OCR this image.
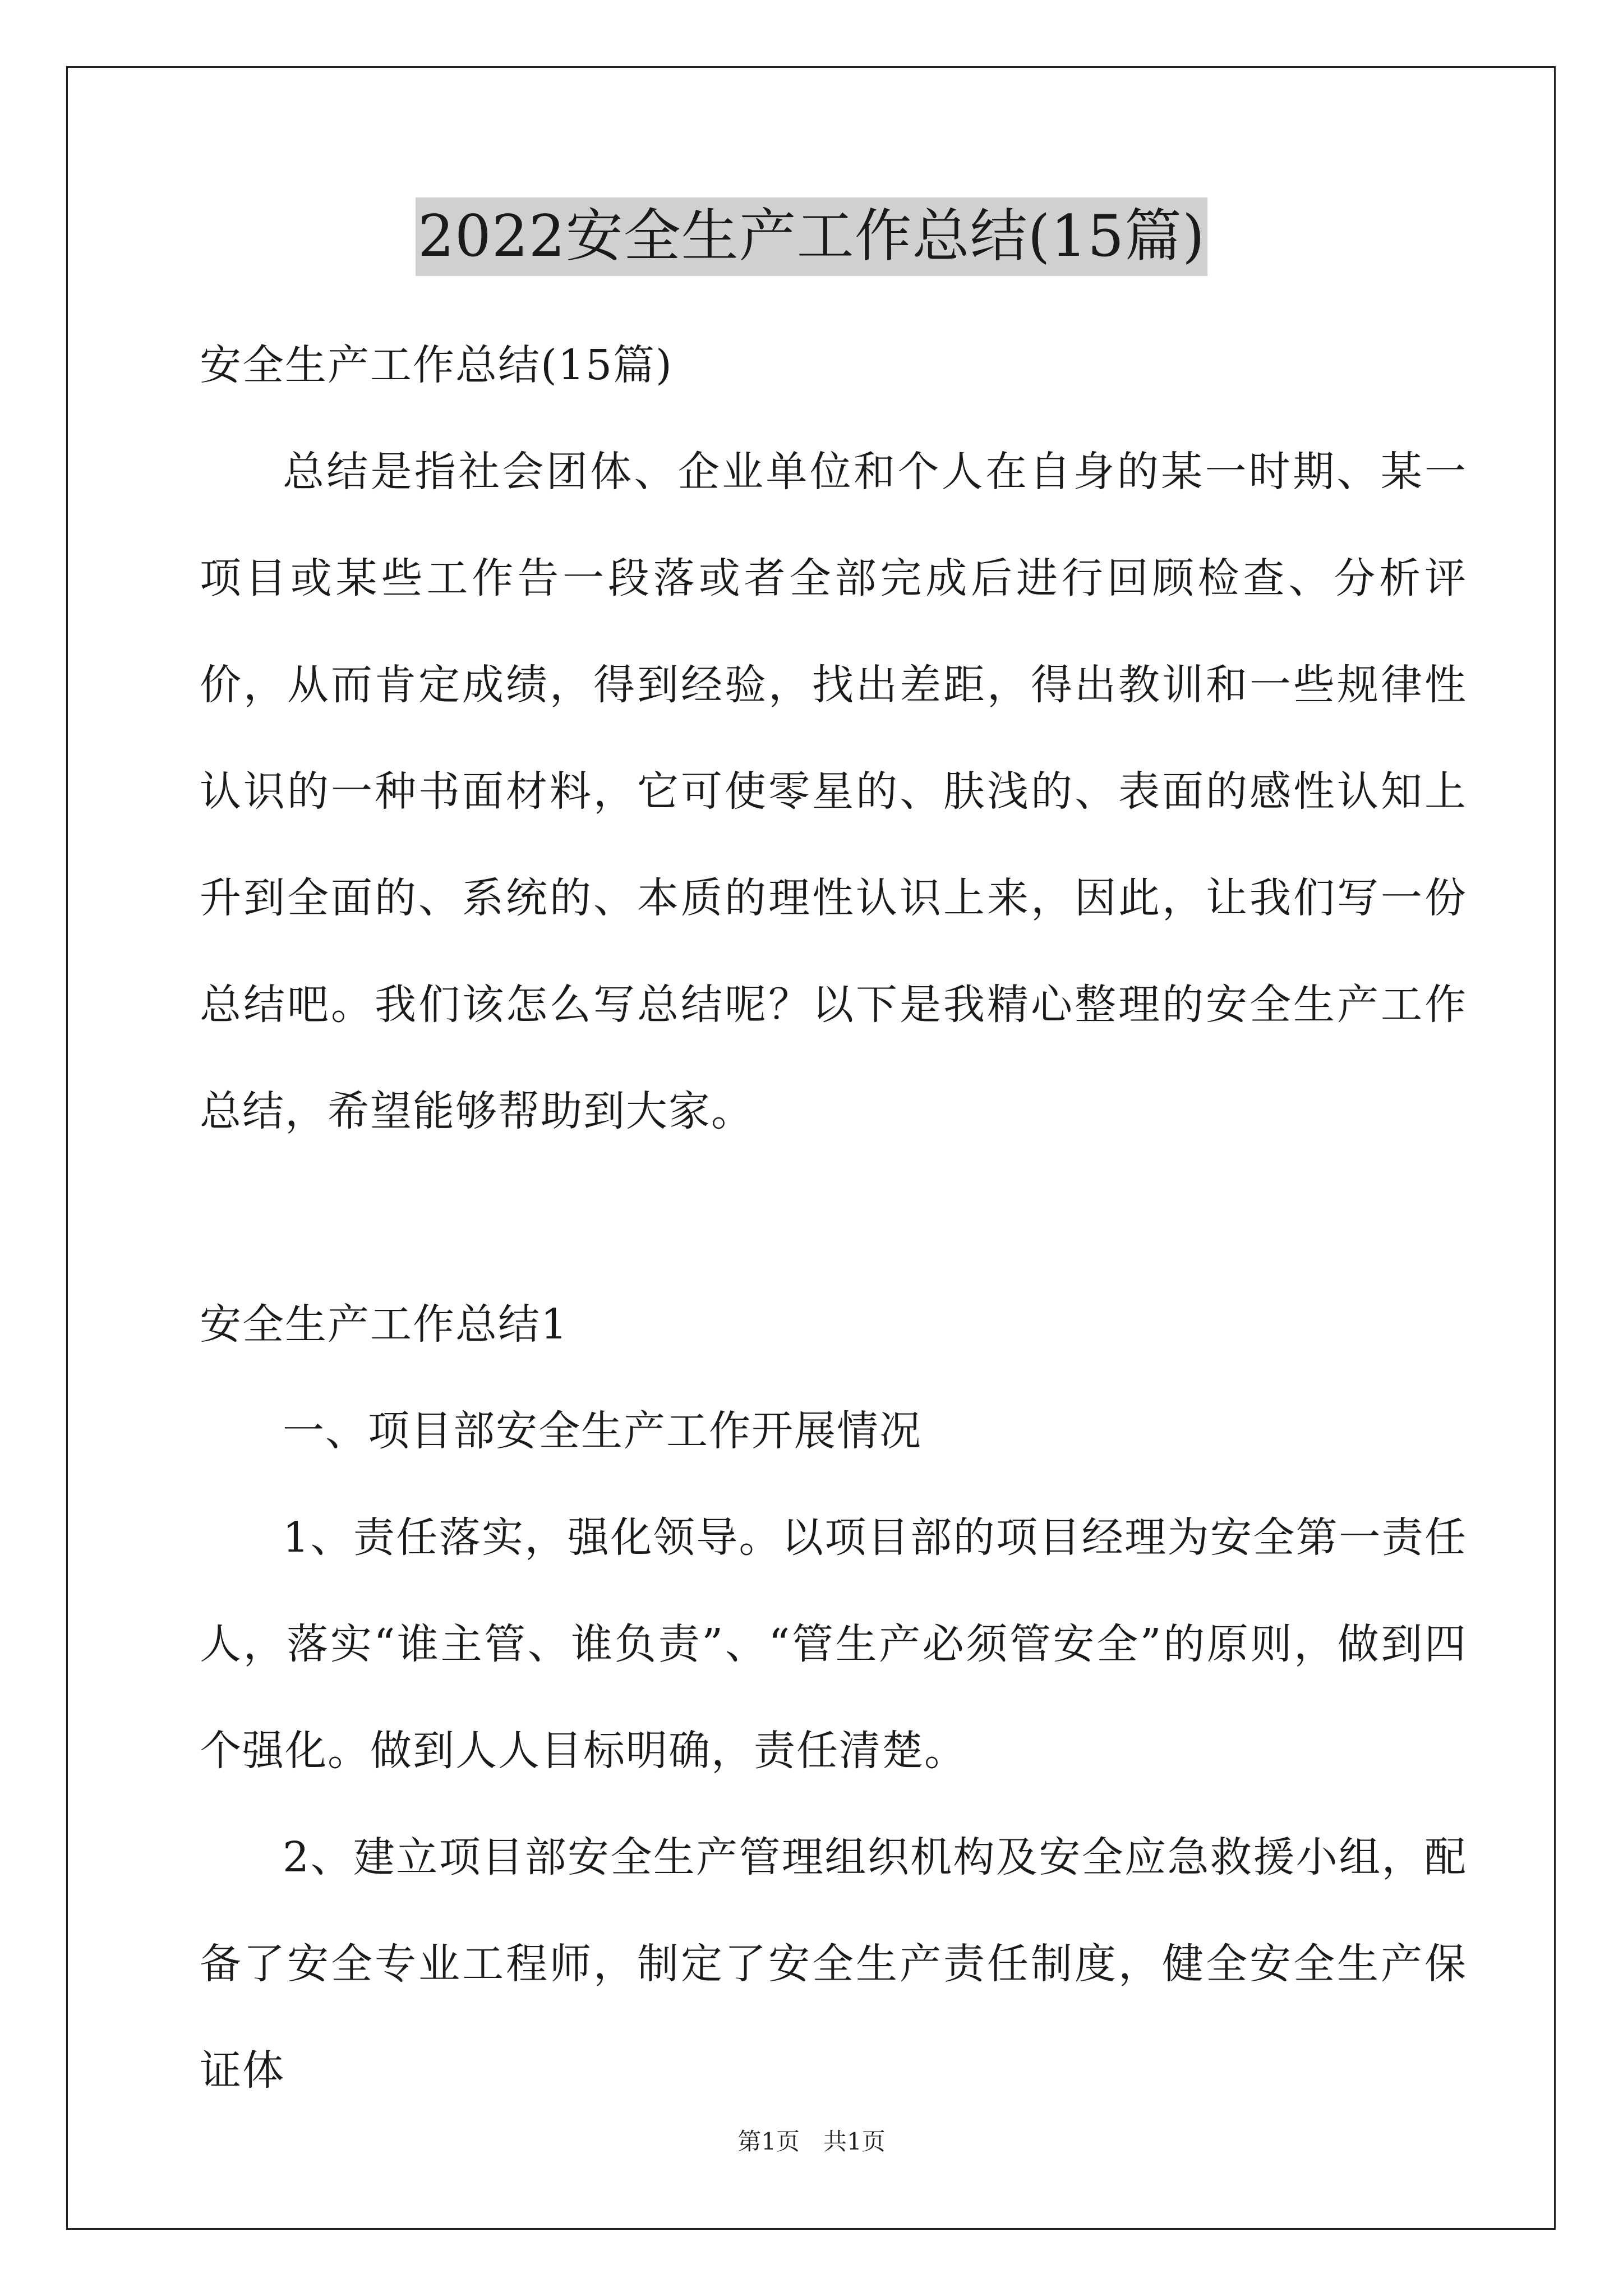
2022安全生产工作总结(15篇)

安全生产工作总结(15篇)

总结是指社会团体、企业单位和个人在自身的某一时期、某一项目或某些工作告一段落或者全部完成后进行回顾检查、分析评价，从而肯定成绩，得到经验，找出差距，得出教训和一些规律性认识的一种书面材料，它可使零星的、肤浅的、表面的感性认知上升到全面的、系统的、本质的理性认识上来，因此，让我们写一份总结吧。我们该怎么写总结呢？以下是我精心整理的安全生产工作总结，希望能够帮助到大家。

安全生产工作总结1

一、项目部安全生产工作开展情况

1、责任落实，强化领导。以项目部的项目经理为安全第一责任人，落实“谁主管、谁负责”、“管生产必须管安全”的原则，做到四个强化。做到人人目标明确，责任清楚。

2、建立项目部安全生产管理组织机构及安全应急救援小组，配备了安全专业工程师，制定了安全生产责任制度，健全安全生产保证体

第1页　共1页
